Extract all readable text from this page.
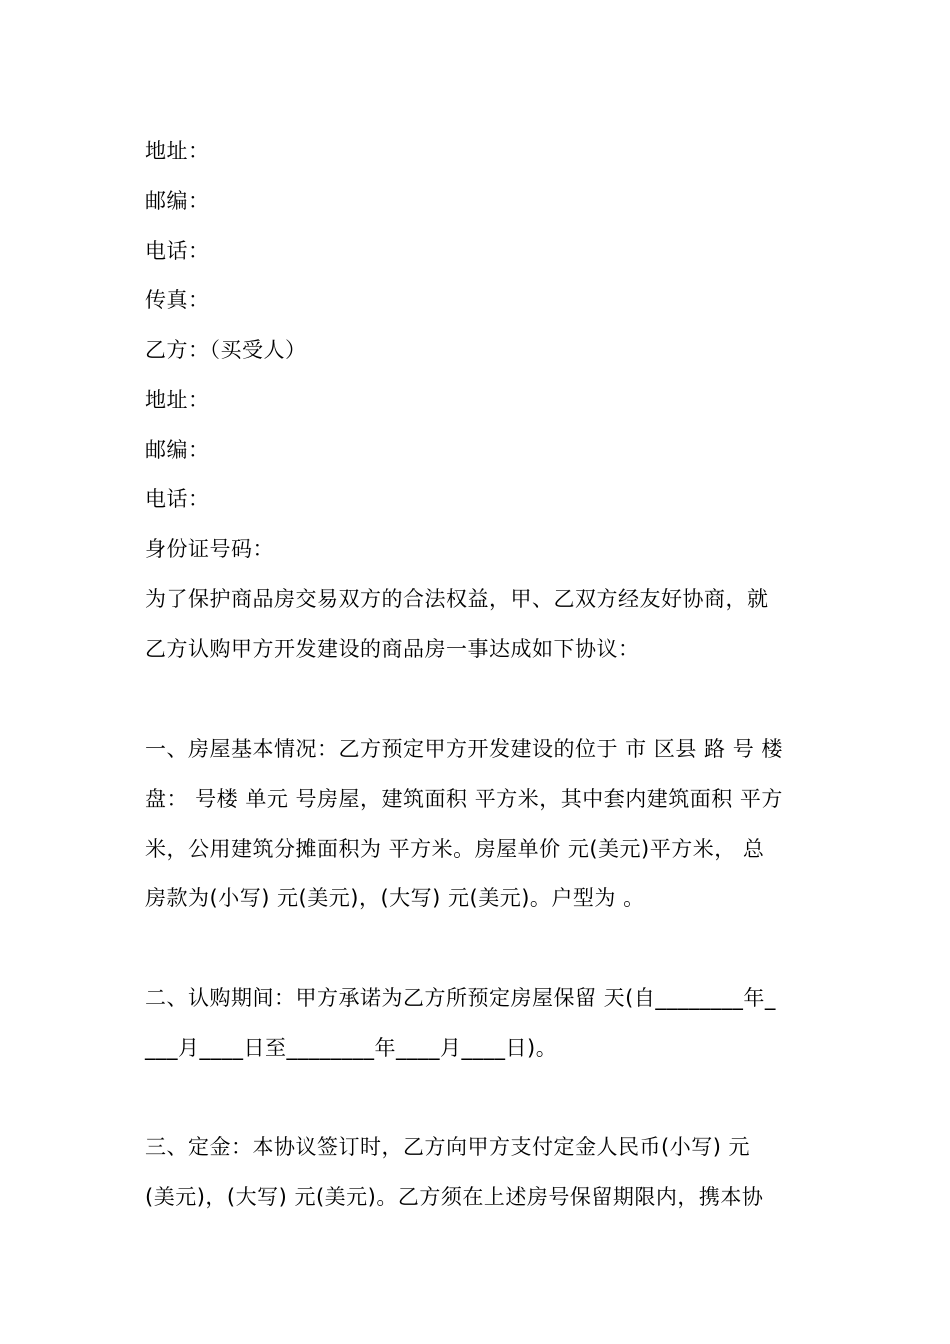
地址：
邮编：
电话：
传真：
乙方：（买受人）
地址：
邮编：
电话：
身份证号码：
为了保护商品房交易双方的合法权益，甲、乙双方经友好协商，就
乙方认购甲方开发建设的商品房一事达成如下协议：
一、房屋基本情况：乙方预定甲方开发建设的位于 市 区县 路 号 楼
盘： 号楼 单元 号房屋，建筑面积 平方米，其中套内建筑面积 平方
米，公用建筑分摊面积为 平方米。房屋单价 元(美元)平方米， 总
房款为(小写) 元(美元)，(大写) 元(美元)。户型为 。
二、认购期间：甲方承诺为乙方所预定房屋保留 天(自________年_
___月____日至________年____月____日)。
三、定金：本协议签订时，乙方向甲方支付定金人民币(小写) 元
(美元)，(大写) 元(美元)。乙方须在上述房号保留期限内，携本协
